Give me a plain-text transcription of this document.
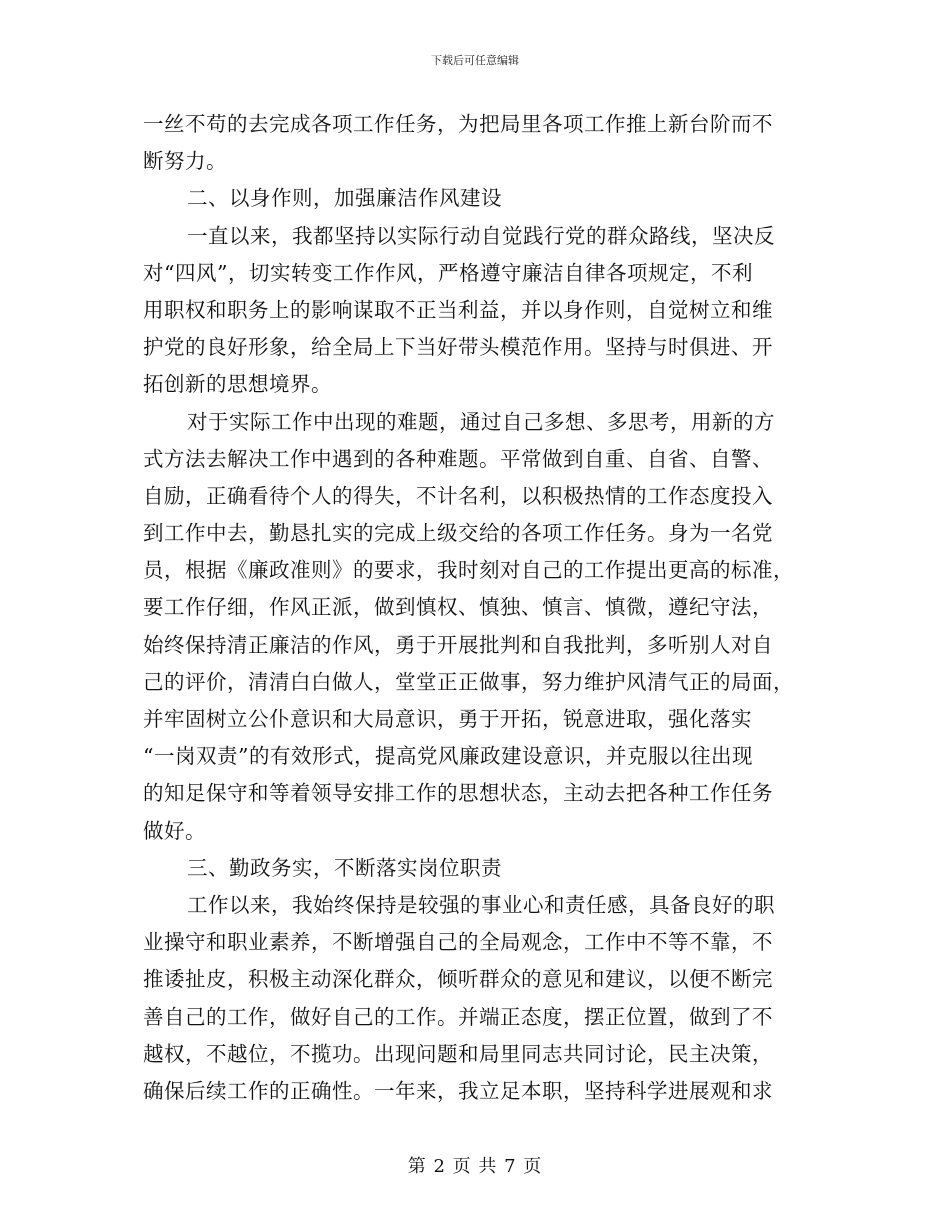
下载后可任意编辑
一丝不苟的去完成各项工作任务，为把局里各项工作推上新台阶而不
断努力。
二、以身作则，加强廉洁作风建设
一直以来，我都坚持以实际行动自觉践行党的群众路线，坚决反
对“四风”，切实转变工作作风，严格遵守廉洁自律各项规定，不利
用职权和职务上的影响谋取不正当利益，并以身作则，自觉树立和维
护党的良好形象，给全局上下当好带头模范作用。坚持与时俱进、开
拓创新的思想境界。
对于实际工作中出现的难题，通过自己多想、多思考，用新的方
式方法去解决工作中遇到的各种难题。平常做到自重、自省、自警、
自励，正确看待个人的得失，不计名利，以积极热情的工作态度投入
到工作中去，勤恳扎实的完成上级交给的各项工作任务。身为一名党
员，根据《廉政准则》的要求，我时刻对自己的工作提出更高的标准，
要工作仔细，作风正派，做到慎权、慎独、慎言、慎微，遵纪守法，
始终保持清正廉洁的作风，勇于开展批判和自我批判，多听别人对自
己的评价，清清白白做人，堂堂正正做事，努力维护风清气正的局面，
并牢固树立公仆意识和大局意识，勇于开拓，锐意进取，强化落实
“一岗双责”的有效形式，提高党风廉政建设意识，并克服以往出现
的知足保守和等着领导安排工作的思想状态，主动去把各种工作任务
做好。
三、勤政务实，不断落实岗位职责
工作以来，我始终保持是较强的事业心和责任感，具备良好的职
业操守和职业素养，不断增强自己的全局观念，工作中不等不靠，不
推诿扯皮，积极主动深化群众，倾听群众的意见和建议，以便不断完
善自己的工作，做好自己的工作。并端正态度，摆正位置，做到了不
越权，不越位，不揽功。出现问题和局里同志共同讨论，民主决策，
确保后续工作的正确性。一年来，我立足本职，坚持科学进展观和求
第 2 页 共 7 页
